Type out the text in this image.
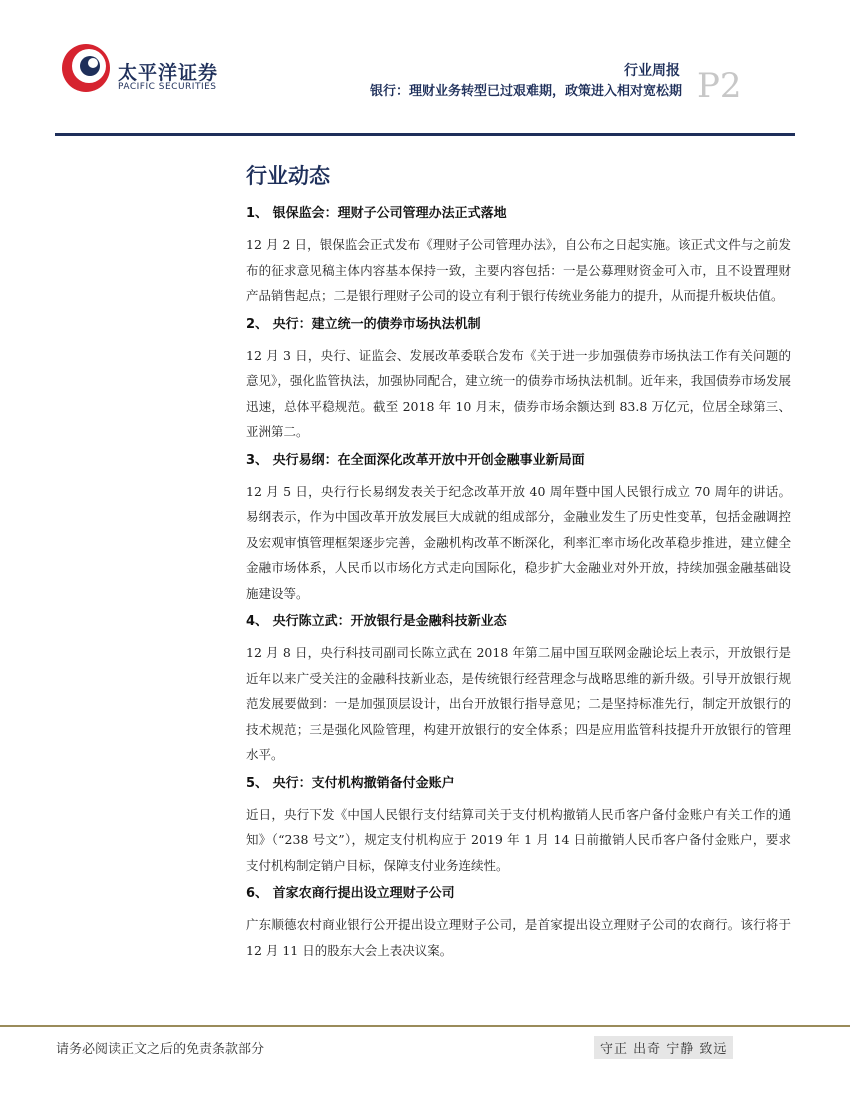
太平洋证券
PACIFIC SECURITIES
行业周报
银行：理财业务转型已过艰难期，政策进入相对宽松期 P2
行业动态
1、 银保监会：理财子公司管理办法正式落地
12 月 2 日，银保监会正式发布《理财子公司管理办法》，自公布之日起实施。该正式文件与之前发布的征求意见稿主体内容基本保持一致，主要内容包括：一是公募理财资金可入市，且不设置理财产品销售起点；二是银行理财子公司的设立有利于银行传统业务能力的提升，从而提升板块估值。
2、 央行：建立统一的债券市场执法机制
12 月 3 日，央行、证监会、发展改革委联合发布《关于进一步加强债券市场执法工作有关问题的意见》，强化监管执法，加强协同配合，建立统一的债券市场执法机制。近年来，我国债券市场发展迅速，总体平稳规范。截至 2018 年 10 月末，债券市场余额达到 83.8 万亿元，位居全球第三、亚洲第二。
3、 央行易纲：在全面深化改革开放中开创金融事业新局面
12 月 5 日，央行行长易纲发表关于纪念改革开放 40 周年暨中国人民银行成立 70 周年的讲话。易纲表示，作为中国改革开放发展巨大成就的组成部分，金融业发生了历史性变革，包括金融调控及宏观审慎管理框架逐步完善，金融机构改革不断深化，利率汇率市场化改革稳步推进，建立健全金融市场体系，人民币以市场化方式走向国际化，稳步扩大金融业对外开放，持续加强金融基础设施建设等。
4、 央行陈立武：开放银行是金融科技新业态
12 月 8 日，央行科技司副司长陈立武在 2018 年第二届中国互联网金融论坛上表示，开放银行是近年以来广受关注的金融科技新业态，是传统银行经营理念与战略思维的新升级。引导开放银行规范发展要做到：一是加强顶层设计，出台开放银行指导意见；二是坚持标准先行，制定开放银行的技术规范；三是强化风险管理，构建开放银行的安全体系；四是应用监管科技提升开放银行的管理水平。
5、 央行：支付机构撤销备付金账户
近日，央行下发《中国人民银行支付结算司关于支付机构撤销人民币客户备付金账户有关工作的通知》（“238 号文”），规定支付机构应于 2019 年 1 月 14 日前撤销人民币客户备付金账户，要求支付机构制定销户目标，保障支付业务连续性。
6、 首家农商行提出设立理财子公司
广东顺德农村商业银行公开提出设立理财子公司，是首家提出设立理财子公司的农商行。该行将于 12 月 11 日的股东大会上表决议案。
请务必阅读正文之后的免责条款部分	守正 出奇 宁静 致远
